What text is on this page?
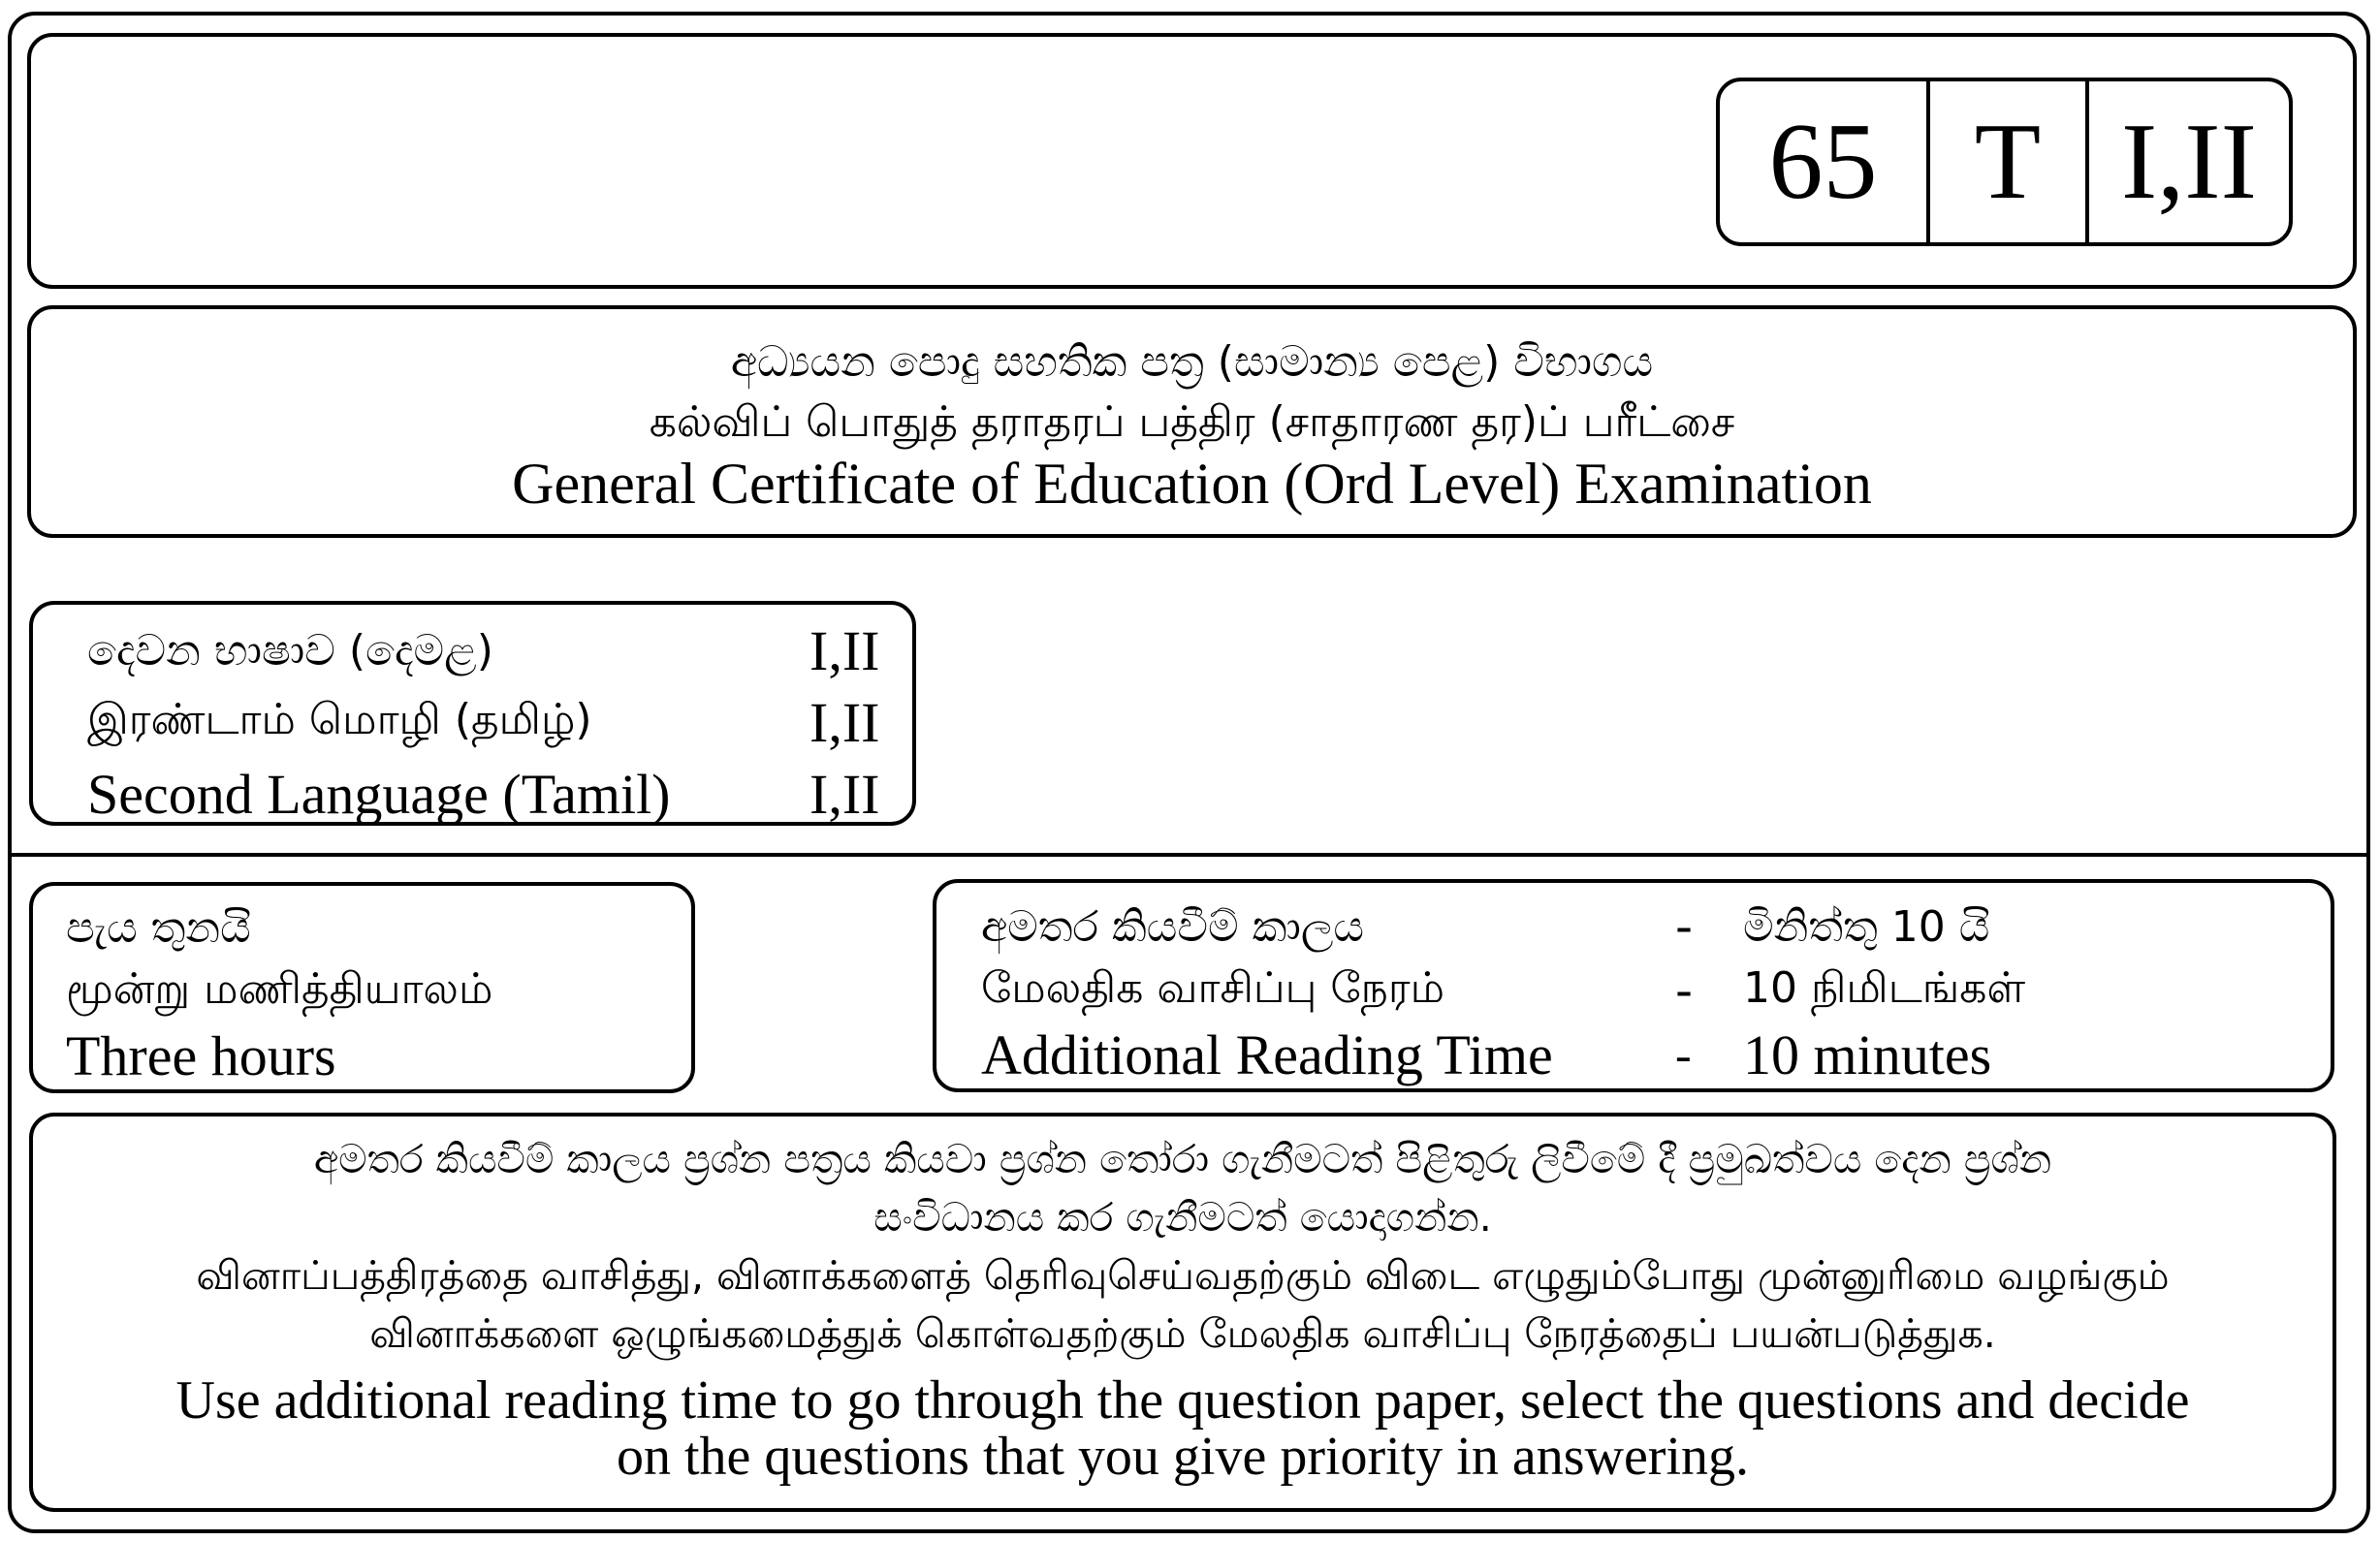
65 T I,II
අධ්‍යයන පොදු සහතික පත්‍ර (සාමාන්‍ය පෙළ) විභාගය
கல்விப் பொதுத் தராதரப் பத்திர (சாதாரண தர)ப் பரீட்சை
General Certificate of Education (Ord Level) Examination
දෙවන භාෂාව (දෙමළ)	I,II
இரண்டாம் மொழி (தமிழ்)	I,II
Second Language (Tamil)	I,II
පැය තුනයි
மூன்று மணித்தியாலம்
Three hours
අමතර කියවීම් කාලය	-	මිනිත්තු 10 යි
மேலதிக வாசிப்பு நேரம்	-	10 நிமிடங்கள்
Additional Reading Time	- 10 minutes
අමතර කියවීම් කාලය ප්‍රශ්න පත්‍රය කියවා ප්‍රශ්න තෝරා ගැනීමටත් පිළිතුරු ලිවීමේ දී ප්‍රමුඛත්වය දෙන ප්‍රශ්න
සංවිධානය කර ගැනීමටත් යොදාගන්න.
வினாப்பத்திரத்தை வாசித்து, வினாக்களைத் தெரிவுசெய்வதற்கும் விடை எழுதும்போது முன்னுரிமை வழங்கும்
வினாக்களை ஒழுங்கமைத்துக் கொள்வதற்கும் மேலதிக வாசிப்பு நேரத்தைப் பயன்படுத்துக.
Use additional reading time to go through the question paper, select the questions and decide
on the questions that you give priority in answering.
